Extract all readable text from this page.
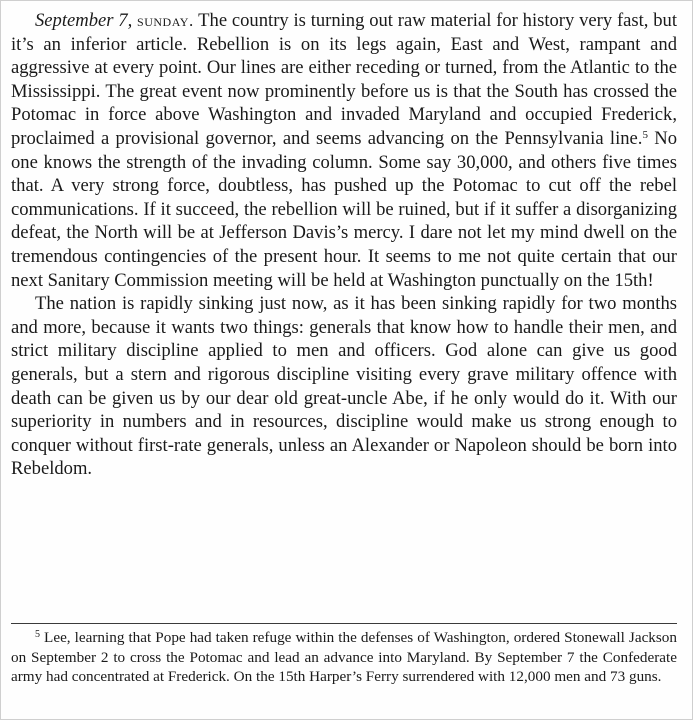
September 7, sunday. The country is turning out raw material for history very fast, but it’s an inferior article. Rebellion is on its legs again, East and West, rampant and aggressive at every point. Our lines are either receding or turned, from the Atlantic to the Mississippi. The great event now prominently before us is that the South has crossed the Potomac in force above Washington and invaded Maryland and occupied Frederick, proclaimed a provisional governor, and seems advancing on the Pennsylvania line.$^5$ No one knows the strength of the invading column. Some say 30,000, and others five times that. A very strong force, doubtless, has pushed up the Potomac to cut off the rebel communications. If it succeed, the rebellion will be ruined, but if it suffer a disorganizing defeat, the North will be at Jefferson Davis’s mercy. I dare not let my mind dwell on the tremendous contingencies of the present hour. It seems to me not quite certain that our next Sanitary Commission meeting will be held at Washington punctually on the 15th!

The nation is rapidly sinking just now, as it has been sinking rapidly for two months and more, because it wants two things: generals that know how to handle their men, and strict military discipline applied to men and officers. God alone can give us good generals, but a stern and rigorous discipline visiting every grave military offence with death can be given us by our dear old great-uncle Abe, if he only would do it. With our superiority in numbers and in resources, discipline would make us strong enough to conquer without first-rate generals, unless an Alexander or Napoleon should be born into Rebeldom.

$^5$ Lee, learning that Pope had taken refuge within the defenses of Washington, ordered Stonewall Jackson on September 2 to cross the Potomac and lead an advance into Maryland. By September 7 the Confederate army had concentrated at Frederick. On the 15th Harper’s Ferry surrendered with 12,000 men and 73 guns.
